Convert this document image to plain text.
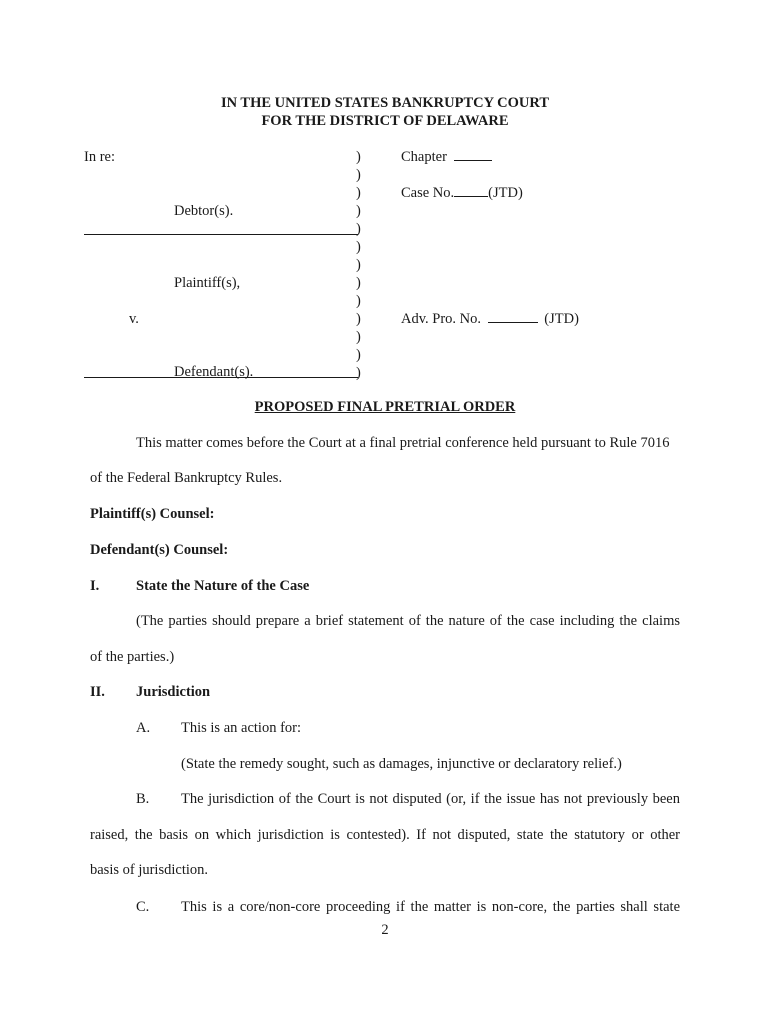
IN THE UNITED STATES BANKRUPTCY COURT
FOR THE DISTRICT OF DELAWARE
In re:
Debtor(s).
Plaintiff(s),
v.
Defendant(s).
)
)
)
)
)
)
)
)
)
)
)
)
)
Chapter
Case No. (JTD)
Adv. Pro. No.	(JTD)
PROPOSED FINAL PRETRIAL ORDER
This matter comes before the Court at a final pretrial conference held pursuant to Rule 7016
of the Federal Bankruptcy Rules.
Plaintiff(s) Counsel:
Defendant(s) Counsel:
I.	State the Nature of the Case
(The parties should prepare a brief statement of the nature of the case including the claims
of the parties.)
II. Jurisdiction
A. This is an action for:
(State the remedy sought, such as damages, injunctive or declaratory relief.)
B. The jurisdiction of the Court is not disputed (or, if the issue has not previously been
raised, the basis on which jurisdiction is contested). If not disputed, state the statutory or other
basis of jurisdiction.
C. This is a core/non-core proceeding if the matter is non-core, the parties shall state
2
